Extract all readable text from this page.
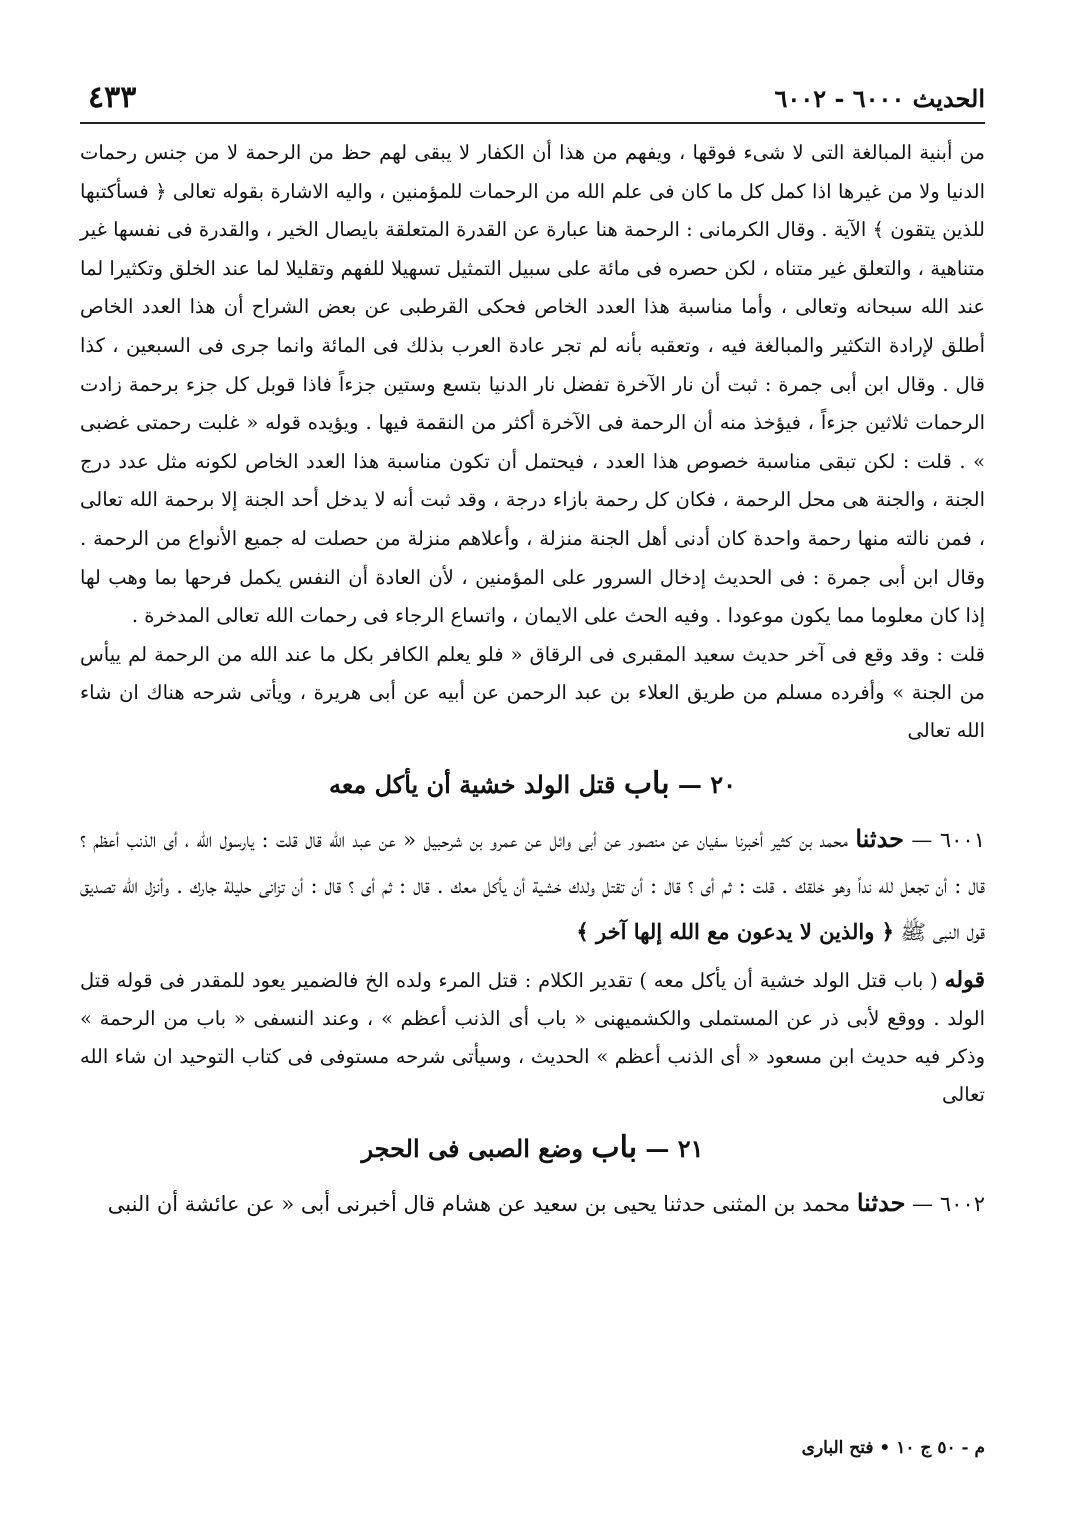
الحديث ٦٠٠٠ - ٦٠٠٢
٤٣٣

من أبنية المبالغة التى لا شىء فوقها ، ويفهم من هذا أن الكفار لا يبقى لهم حظ من الرحمة لا من جنس رحمات الدنيا ولا من غيرها اذا كمل كل ما كان فى علم الله من الرحمات للمؤمنين ، واليه الاشارة بقوله تعالى ﴿ فسأكتبها للذين يتقون ﴾ الآية . وقال الكرمانى : الرحمة هنا عبارة عن القدرة المتعلقة بايصال الخير ، والقدرة فى نفسها غير متناهية ، والتعلق غير متناه ، لكن حصره فى مائة على سبيل التمثيل تسهيلا للفهم وتقليلا لما عند الخلق وتكثيرا لما عند الله سبحانه وتعالى ، وأما مناسبة هذا العدد الخاص فحكى القرطبى عن بعض الشراح أن هذا العدد الخاص أطلق لإرادة التكثير والمبالغة فيه ، وتعقبه بأنه لم تجر عادة العرب بذلك فى المائة وانما جرى فى السبعين ، كذا قال . وقال ابن أبى جمرة : ثبت أن نار الآخرة تفضل نار الدنيا بتسع وستين جزءاً فاذا قوبل كل جزء برحمة زادت الرحمات ثلاثين جزءاً ، فيؤخذ منه أن الرحمة فى الآخرة أكثر من النقمة فيها . ويؤيده قوله « غلبت رحمتى غضبى » . قلت : لكن تبقى مناسبة خصوص هذا العدد ، فيحتمل أن تكون مناسبة هذا العدد الخاص لكونه مثل عدد درج الجنة ، والجنة هى محل الرحمة ، فكان كل رحمة بازاء درجة ، وقد ثبت أنه لا يدخل أحد الجنة إلا برحمة الله تعالى ، فمن نالته منها رحمة واحدة كان أدنى أهل الجنة منزلة ، وأعلاهم منزلة من حصلت له جميع الأنواع من الرحمة . وقال ابن أبى جمرة : فى الحديث إدخال السرور على المؤمنين ، لأن العادة أن النفس يكمل فرحها بما وهب لها إذا كان معلوما مما يكون موعودا . وفيه الحث على الايمان ، واتساع الرجاء فى رحمات الله تعالى المدخرة .

قلت : وقد وقع فى آخر حديث سعيد المقبرى فى الرقاق « فلو يعلم الكافر بكل ما عند الله من الرحمة لم ييأس من الجنة » وأفرده مسلم من طريق العلاء بن عبد الرحمن عن أبيه عن أبى هريرة ، ويأتى شرحه هناك ان شاء الله تعالى

٢٠ — باب قتل الولد خشية أن يأكل معه

٦٠٠١ — حدثنا محمد بن كثير أخبرنا سفيان عن منصور عن أبى وائل عن عمرو بن شرحبيل « عن عبد الله قال قلت : يارسول الله ، أى الذنب أعظم ؟ قال : أن تجعل لله نداً وهو خلقك . قلت : ثم أى ؟ قال : أن تقتل ولدك خشية أن يأكل معك . قال : ثم أى ؟ قال : أن تزانى حليلة جارك . وأنزل الله تصديق قول النبى ﷺ ﴿ والذين لا يدعون مع الله إلها آخر ﴾

قوله ( باب قتل الولد خشية أن يأكل معه ) تقدير الكلام : قتل المرء ولده الخ فالضمير يعود للمقدر فى قوله قتل الولد . ووقع لأبى ذر عن المستملى والكشميهنى « باب أى الذنب أعظم » ، وعند النسفى « باب من الرحمة » وذكر فيه حديث ابن مسعود « أى الذنب أعظم » الحديث ، وسيأتى شرحه مستوفى فى كتاب التوحيد ان شاء الله تعالى

٢١ — باب وضع الصبى فى الحجر

٦٠٠٢ — حدثنا محمد بن المثنى حدثنا يحيى بن سعيد عن هشام قال أخبرنى أبى « عن عائشة أن النبى

م - ٥٠ ج ١٠ • فتح البارى
